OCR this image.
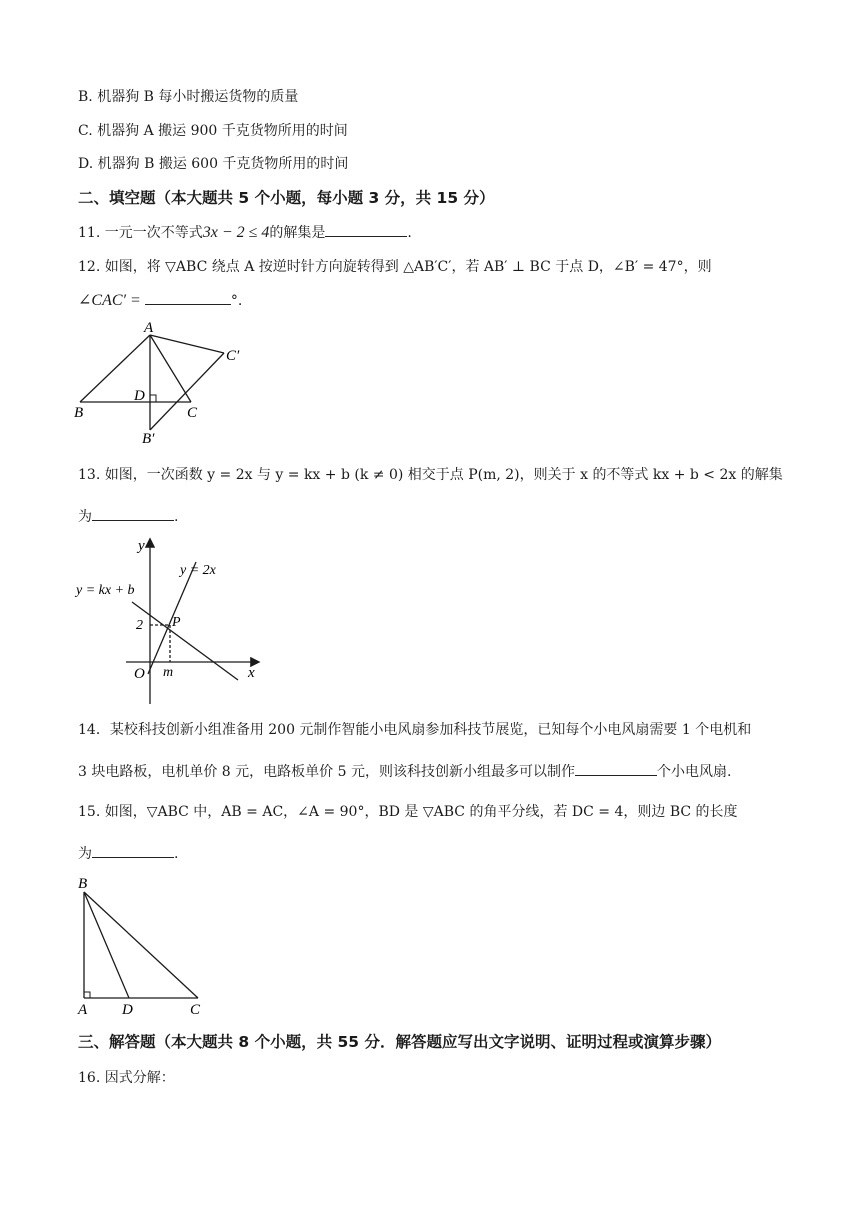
B. 机器狗 B 每小时搬运货物的质量
C. 机器狗 A 搬运 900 千克货物所用的时间
D. 机器狗 B 搬运 600 千克货物所用的时间
二、填空题（本大题共 5 个小题，每小题 3 分，共 15 分）
11. 一元一次不等式3x − 2 ≤ 4的解集是	.
12. 如图，将 ▽ABC 绕点 A 按逆时针方向旋转得到 △AB′C′，若 AB′ ⊥ BC 于点 D，∠B′ = 47°，则
∠CAC′ =	°.
A
B	C
D
B′
C′
13. 如图，一次函数 y = 2x 与 y = kx + b (k ≠ 0) 相交于点 P(m, 2)，则关于 x 的不等式 kx + b < 2x 的解集
为	.
y
x
O
y = 2x
y = kx + b
P
2
m
14．某校科技创新小组准备用 200 元制作智能小电风扇参加科技节展览，已知每个小电风扇需要 1 个电机和
3 块电路板，电机单价 8 元，电路板单价 5 元，则该科技创新小组最多可以制作	个小电风扇.
15. 如图，▽ABC 中，AB = AC，∠A = 90°，BD 是 ▽ABC 的角平分线，若 DC = 4，则边 BC 的长度
为	.
B
A D	C
三、解答题（本大题共 8 个小题，共 55 分．解答题应写出文字说明、证明过程或演算步骤）
16. 因式分解：
